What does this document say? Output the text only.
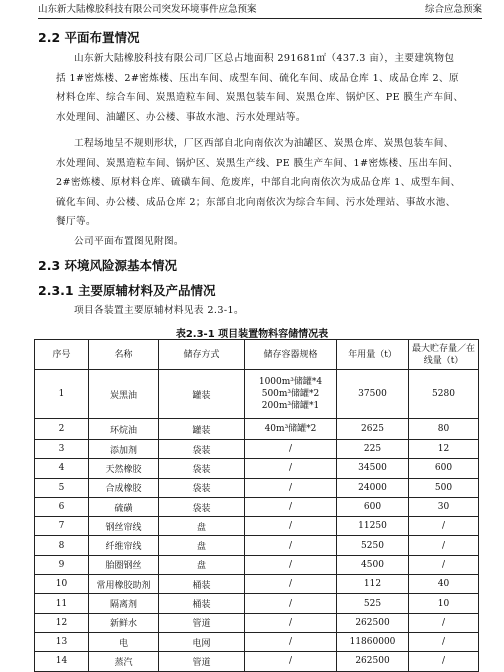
山东新大陆橡胶科技有限公司突发环境事件应急预案	综合应急预案
2.2 平面布置情况
山东新大陆橡胶科技有限公司厂区总占地面积 291681㎡（437.3 亩），主要建筑物包
括 1#密炼楼、2#密炼楼、压出车间、成型车间、硫化车间、成品仓库 1、成品仓库 2、原
材料仓库、综合车间、炭黑造粒车间、炭黑包装车间、炭黑仓库、锅炉区、PE 膜生产车间、
水处理间、油罐区、办公楼、事故水池、污水处理站等。
工程场地呈不规则形状，厂区西部自北向南依次为油罐区、炭黑仓库、炭黑包装车间、
水处理间、炭黑造粒车间、锅炉区、炭黑生产线、PE 膜生产车间、1#密炼楼、压出车间、
2#密炼楼、原材料仓库、硫磺车间、危废库，中部自北向南依次为成品仓库 1、成型车间、
硫化车间、办公楼、成品仓库 2；东部自北向南依次为综合车间、污水处理站、事故水池、
餐厅等。
公司平面布置图见附图。
2.3 环境风险源基本情况
2.3.1 主要原辅材料及产品情况
项目各装置主要原辅材料见表 2.3-1。
表2.3-1 项目装置物料容储情况表
序号	名称	储存方式	储存容器规格	年用量（t）	最大贮存量／在线量（t）
1	炭黑油	罐装	1000m³储罐*4
500m³储罐*2
200m³储罐*1	37500	5280
2	环烷油	罐装	40m³储罐*2	2625	80
3	添加剂	袋装	/	225	12
4	天然橡胶	袋装	/	34500	600
5	合成橡胶	袋装	/	24000	500
6	硫磺	袋装	/	600	30
7	钢丝帘线	盘	/	11250	/
8	纤维帘线	盘	/	5250	/
9	胎圈钢丝	盘	/	4500	/
10	常用橡胶助剂	桶装	/	112	40
11	隔离剂	桶装	/	525	10
12	新鲜水	管道	/	262500	/
13	电	电网	/	11860000	/
14	蒸汽	管道	/	262500	/
